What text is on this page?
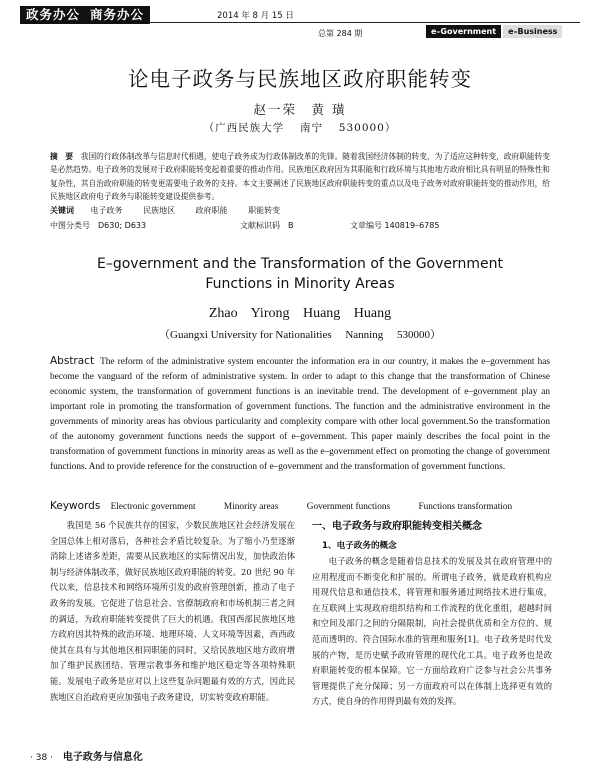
政务办公 商务办公	2014 年 8 月 15 日
总第 284 期	e–Government	e–Business
论电子政务与民族地区政府职能转变
赵一荣　黄 璜
（广西民族大学　 南宁　 530000）
摘　要　 我国的行政体制改革与信息时代相遇，使电子政务成为行政体制改革的先锋。随着我国经济体制的转变，为了适应这种转变，政府职能转变是必然趋势。电子政务的发展对于政府职能转变起着重要的推动作用。民族地区政府因为其职能和行政环境与其他地方政府相比具有明显的特殊性和复杂性，其自治政府职能的转变更需要电子政务的支持。本文主要阐述了民族地区政府职能转变的重点以及电子政务对政府职能转变的推动作用，给民族地区政府电子政务与职能转变建设提供参考。
关键词 电子政务	民族地区	政府职能	职能转变
中图分类号　D630; D633	文献标识码　B	文章编号 140819–6785
E–government and the Transformation of the Government Functions in Minority Areas
Zhao Yirong Huang Huang
（Guangxi University for Nationalities　 Nanning　 530000）
Abstract The reform of the administrative system encounter the information era in our country, it makes the e–government has become the vanguard of the reform of administrative system. In order to adapt to this change that the transformation of Chinese economic system, the transformation of government functions is an inevitable trend. The development of e–government play an important role in promoting the transformation of government functions. The function and the administrative environment in the governments of minority areas has obvious particularity and complexity compare with other local government.So the transformation of the autonomy government functions needs the support of e–government. This paper mainly describes the focal point in the transformation of government functions in minority areas as well as the e–government effect on promoting the change of government functions. And to provide reference for the construction of e–government and the transformation of government functions.
Keywords Electronic government	Minority areas	Government functions	Functions transformation

我国是 56 个民族共存的国家，少数民族地区社会经济发展在全国总体上相对落后，各种社会矛盾比较复杂。为了缩小乃至逐渐消除上述诸多差距，需要从民族地区的实际情况出发，加快政治体制与经济体制改革，做好民族地区政府职能的转变。20 世纪 90 年代以来，信息技术和网络环境所引发的政府管理创新，推动了电子政务的发展。它促进了信息社会、官僚制政府和市场机制三者之间的调适，为政府职能转变提供了巨大的机遇。我国西部民族地区地方政府因其特殊的政治环境、地理环境、人文环境等因素，西西政使其在具有与其他地区相同职能的同时，又给民族地区地方政府增加了维护民族团结、管理宗教事务和维护地区稳定等各项特殊职能。发展电子政务是应对以上这些复杂问题最有效的方式，因此民族地区自治政府更应加强电子政务建设，切实转变政府职能。

一、电子政务与政府职能转变相关概念
1、电子政务的概念

电子政务的概念是随着信息技术的发展及其在政府管理中的应用程度而不断变化和扩展的。所谓电子政务，就是政府机构应用现代信息和通信技术，将管理和服务通过网络技术进行集成，在互联网上实现政府组织结构和工作流程的优化重组，超越时间和空间及部门之间的分隔限制，向社会提供优质和全方位的、规范而透明的、符合国际水准的管理和服务[1]。电子政务是时代发展的产物，是历史赋予政府管理的现代化工具。电子政务也是政府职能转变的根本保障。它一方面给政府广泛参与社会公共事务管理提供了充分保障；另一方面政府可以在体制上选择更有效的方式，使自身的作用得到最有效的发挥。

· 38 · 电子政务与信息化
